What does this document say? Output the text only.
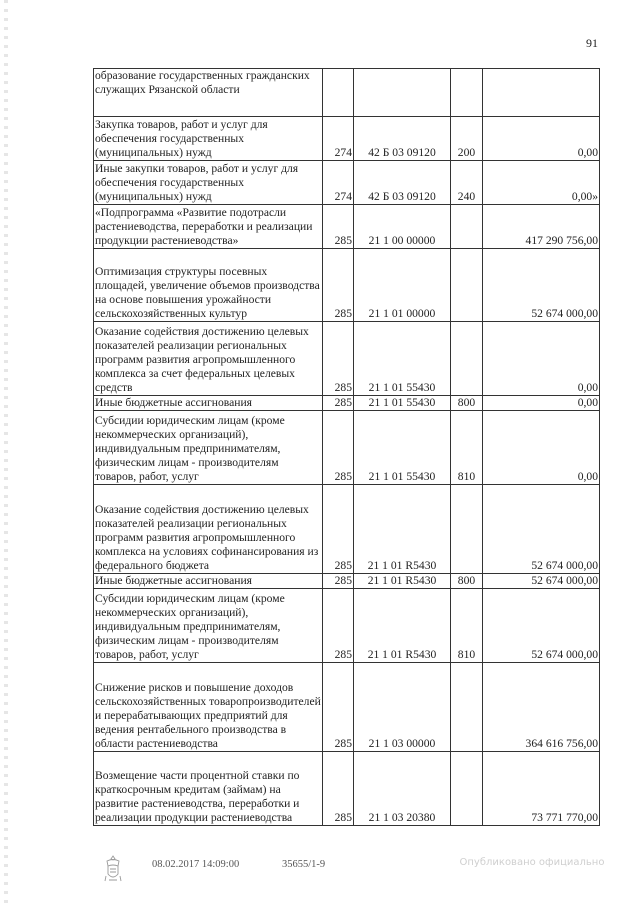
91
образование государственных гражданских служащих Рязанской области				
Закупка товаров, работ и услуг для обеспечения государственных (муниципальных) нужд	274	42 Б 03 09120	200	0,00
Иные закупки товаров, работ и услуг для обеспечения государственных (муниципальных) нужд	274	42 Б 03 09120	240	0,00»
«Подпрограмма «Развитие подотрасли растениеводства, переработки и реализации продукции растениеводства»	285	21 1 00 00000		417 290 756,00
Оптимизация структуры посевных площадей, увеличение объемов производства на основе повышения урожайности сельскохозяйственных культур	285	21 1 01 00000		52 674 000,00
Оказание содействия достижению целевых показателей реализации региональных программ развития агропромышленного комплекса за счет федеральных целевых средств	285	21 1 01 55430		0,00
Иные бюджетные ассигнования	285	21 1 01 55430	800	0,00
Субсидии юридическим лицам (кроме некоммерческих организаций), индивидуальным предпринимателям, физическим лицам - производителям товаров, работ, услуг	285	21 1 01 55430	810	0,00
Оказание содействия достижению целевых показателей реализации региональных программ развития агропромышленного комплекса на условиях софинансирования из федерального бюджета	285	21 1 01 R5430		52 674 000,00
Иные бюджетные ассигнования	285	21 1 01 R5430	800	52 674 000,00
Субсидии юридическим лицам (кроме некоммерческих организаций), индивидуальным предпринимателям, физическим лицам - производителям товаров, работ, услуг	285	21 1 01 R5430	810	52 674 000,00
Снижение рисков и повышение доходов сельскохозяйственных товаропроизводителей и перерабатывающих предприятий для ведения рентабельного производства в области растениеводства	285	21 1 03 00000		364 616 756,00
Возмещение части процентной ставки по краткосрочным кредитам (займам) на развитие растениеводства, переработки и реализации продукции растениеводства	285	21 1 03 20380		73 771 770,00
08.02.2017 14:09:00	35655/1-9	Опубликовано официально
